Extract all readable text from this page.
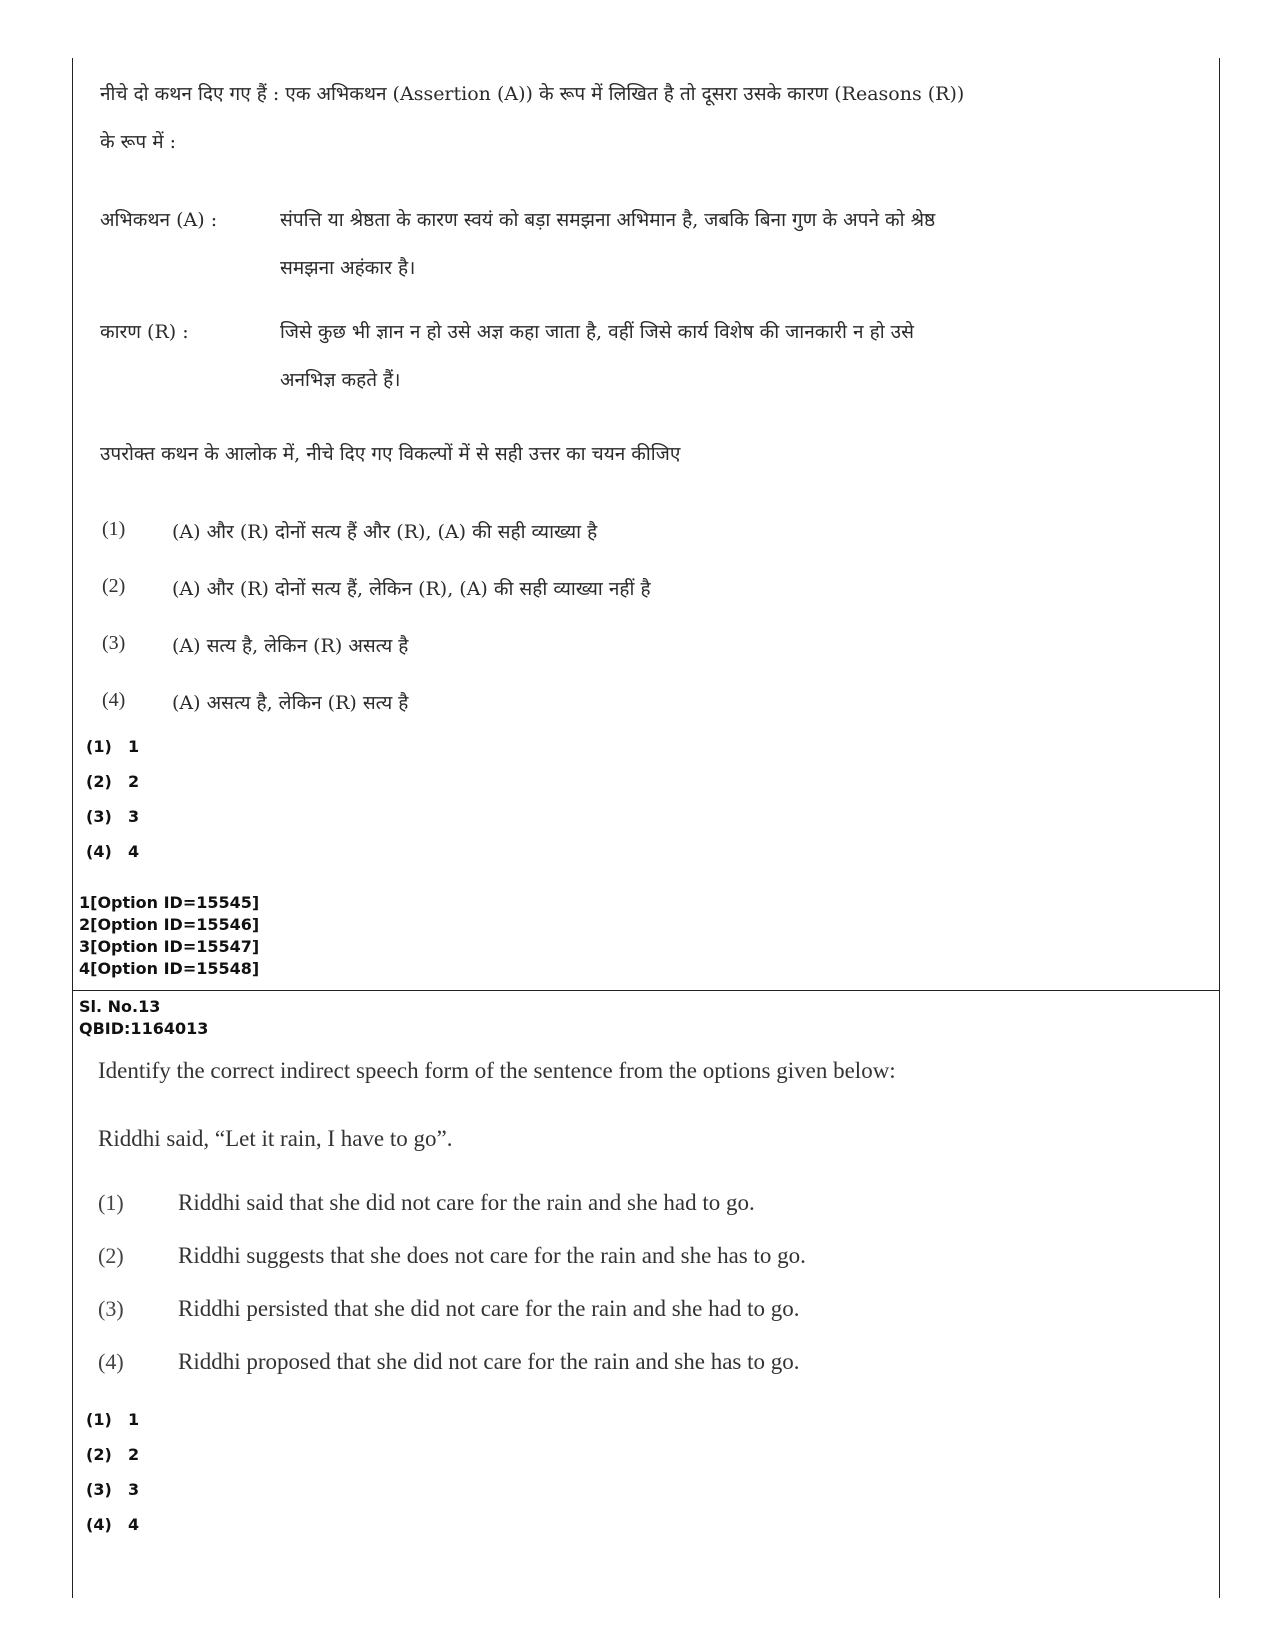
नीचे दो कथन दिए गए हैं : एक अभिकथन (Assertion (A)) के रूप में लिखित है तो दूसरा उसके कारण (Reasons (R))
के रूप में :
अभिकथन (A) :	संपत्ति या श्रेष्ठता के कारण स्वयं को बड़ा समझना अभिमान है, जबकि बिना गुण के अपने को श्रेष्ठ
समझना अहंकार है।
कारण (R) :	जिसे कुछ भी ज्ञान न हो उसे अज्ञ कहा जाता है, वहीं जिसे कार्य विशेष की जानकारी न हो उसे
अनभिज्ञ कहते हैं।
उपरोक्त कथन के आलोक में, नीचे दिए गए विकल्पों में से सही उत्तर का चयन कीजिए
(1) (A) और (R) दोनों सत्य हैं और (R), (A) की सही व्याख्या है
(2) (A) और (R) दोनों सत्य हैं, लेकिन (R), (A) की सही व्याख्या नहीं है
(3) (A) सत्य है, लेकिन (R) असत्य है
(4) (A) असत्य है, लेकिन (R) सत्य है
(1) 1
(2) 2
(3) 3
(4) 4
1[Option ID=15545]
2[Option ID=15546]
3[Option ID=15547]
4[Option ID=15548]
Sl. No.13
QBID:1164013
Identify the correct indirect speech form of the sentence from the options given below:
Riddhi said, “Let it rain, I have to go”.
(1) Riddhi said that she did not care for the rain and she had to go.
(2) Riddhi suggests that she does not care for the rain and she has to go.
(3) Riddhi persisted that she did not care for the rain and she had to go.
(4) Riddhi proposed that she did not care for the rain and she has to go.
(1) 1
(2) 2
(3) 3
(4) 4
